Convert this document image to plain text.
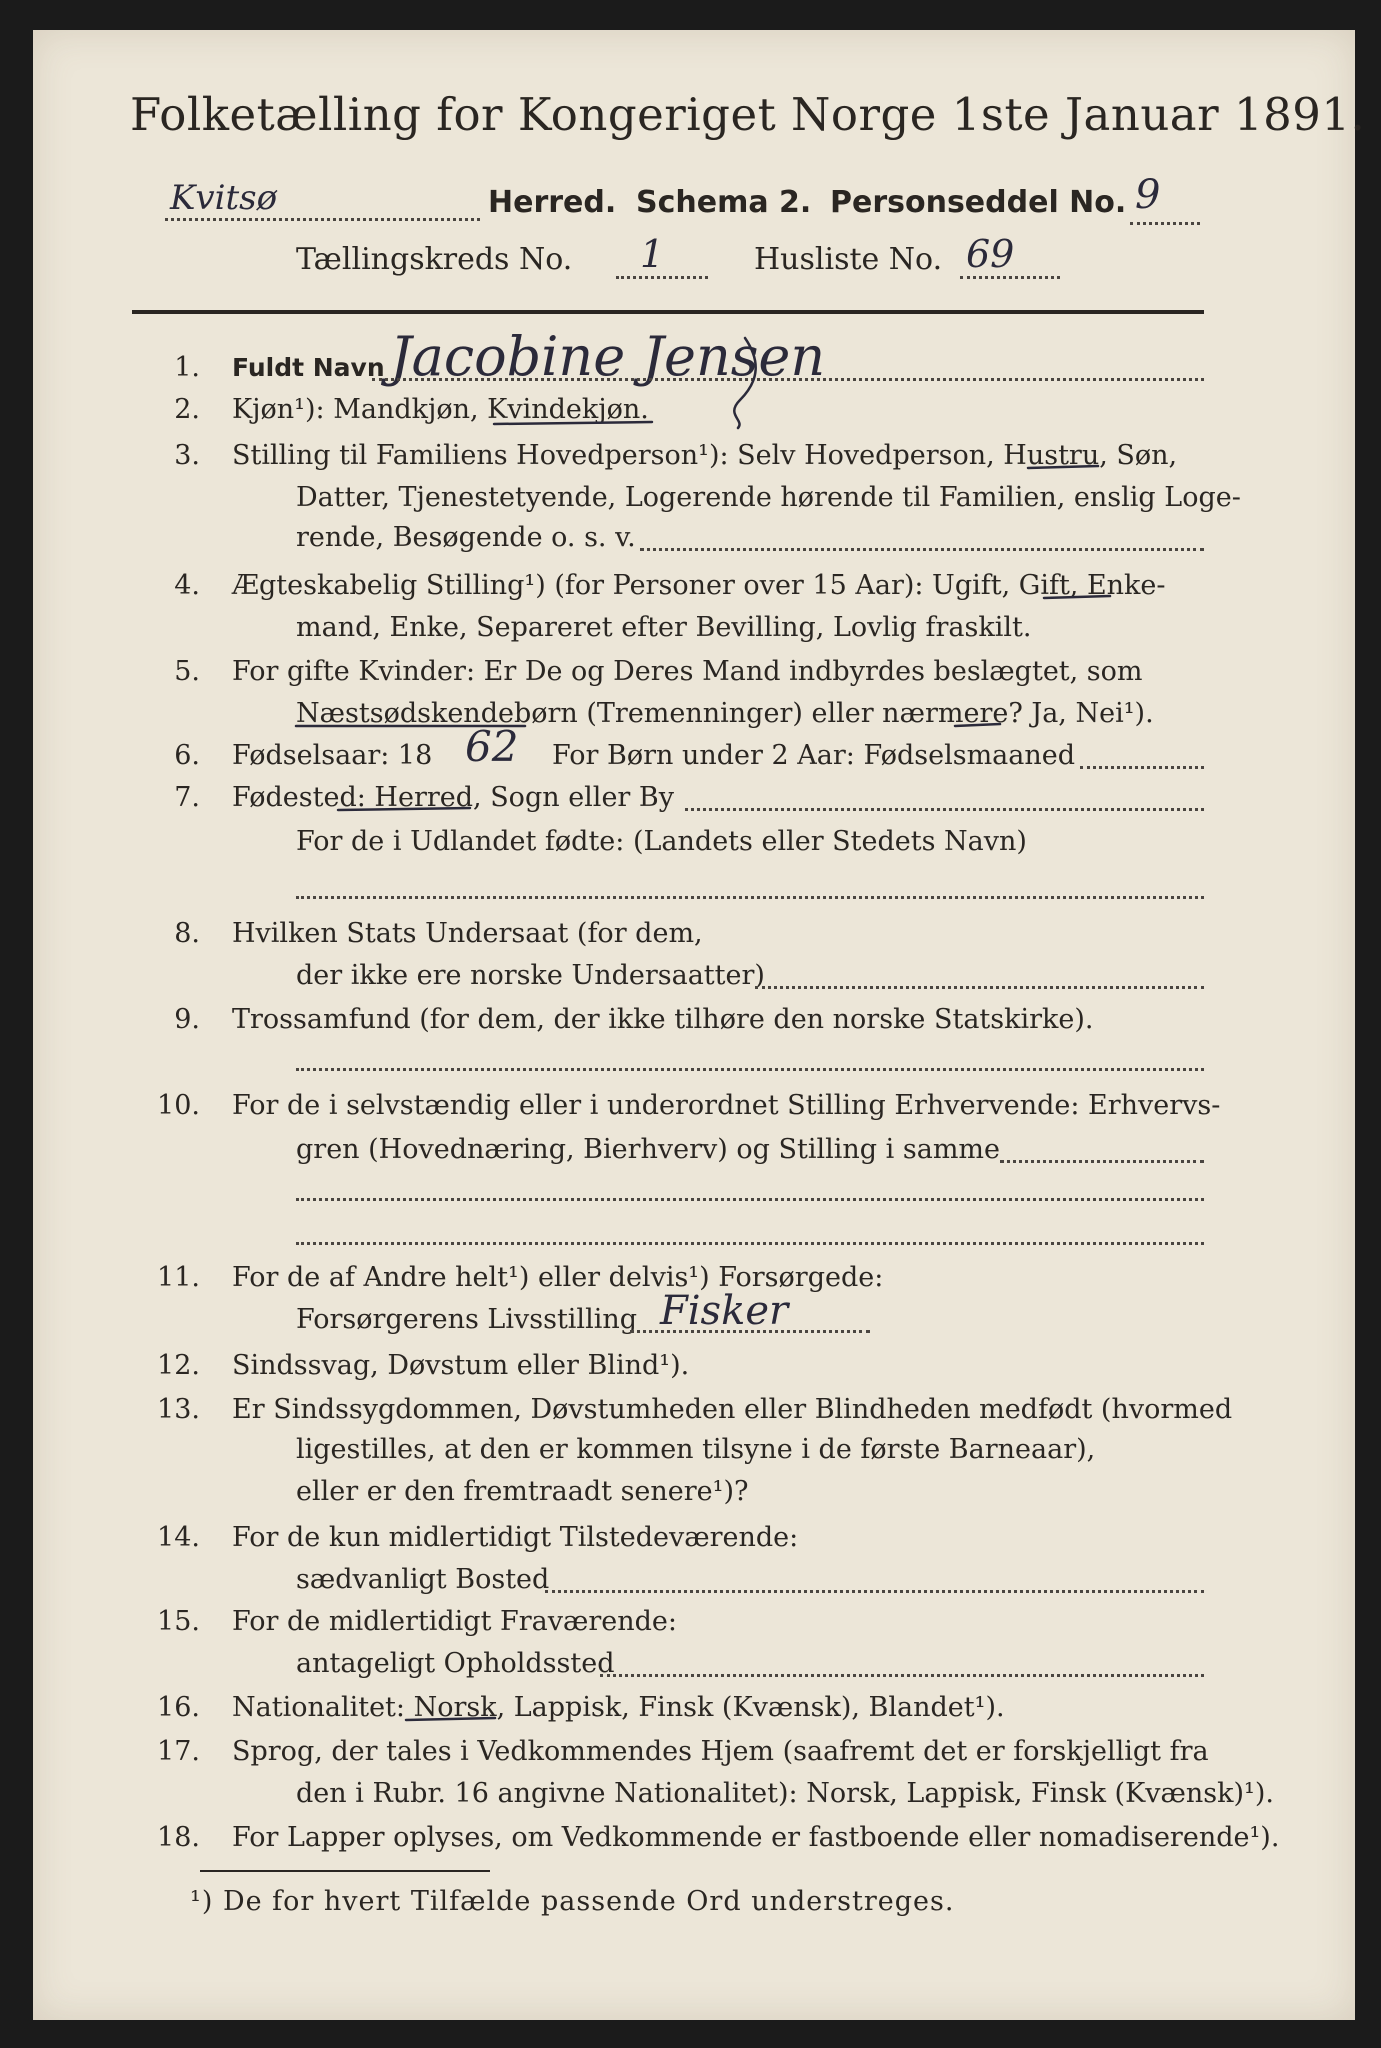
Folketælling for Kongeriget Norge 1ste Januar 1891.
Kvitsø	Herred. Schema 2. Personseddel No. 9
Tællingskreds No. 1	Husliste No. 69
1. Fuldt Navn Jacobine Jensen
2. Kjøn¹): Mandkjøn, Kvindekjøn.
3. Stilling til Familiens Hovedperson¹): Selv Hovedperson, Hustru, Søn,
Datter, Tjenestetyende, Logerende hørende til Familien, enslig Loge-
rende, Besøgende o. s. v.
4. Ægteskabelig Stilling¹) (for Personer over 15 Aar): Ugift, Gift, Enke-
mand, Enke, Separeret efter Bevilling, Lovlig fraskilt.
5. For gifte Kvinder: Er De og Deres Mand indbyrdes beslægtet, som
Næstsødskendebørn (Tremenninger) eller nærmere? Ja, Nei¹).
6. Fødselsaar: 18 62 For Børn under 2 Aar: Fødselsmaaned
7. Fødested: Herred, Sogn eller By
For de i Udlandet fødte: (Landets eller Stedets Navn)
8. Hvilken Stats Undersaat (for dem,
der ikke ere norske Undersaatter)
9. Trossamfund (for dem, der ikke tilhøre den norske Statskirke).
10. For de i selvstændig eller i underordnet Stilling Erhvervende: Erhvervs-
gren (Hovednæring, Bierhverv) og Stilling i samme
11. For de af Andre helt¹) eller delvis¹) Forsørgede:
Forsørgerens Livsstilling Fisker
12. Sindssvag, Døvstum eller Blind¹).
13. Er Sindssygdommen, Døvstumheden eller Blindheden medfødt (hvormed
ligestilles, at den er kommen tilsyne i de første Barneaar),
eller er den fremtraadt senere¹)?
14. For de kun midlertidigt Tilstedeværende:
sædvanligt Bosted
15. For de midlertidigt Fraværende:
antageligt Opholdssted
16. Nationalitet: Norsk, Lappisk, Finsk (Kvænsk), Blandet¹).
17. Sprog, der tales i Vedkommendes Hjem (saafremt det er forskjelligt fra
den i Rubr. 16 angivne Nationalitet): Norsk, Lappisk, Finsk (Kvænsk)¹).
18. For Lapper oplyses, om Vedkommende er fastboende eller nomadiserende¹).
¹) De for hvert Tilfælde passende Ord understreges.
